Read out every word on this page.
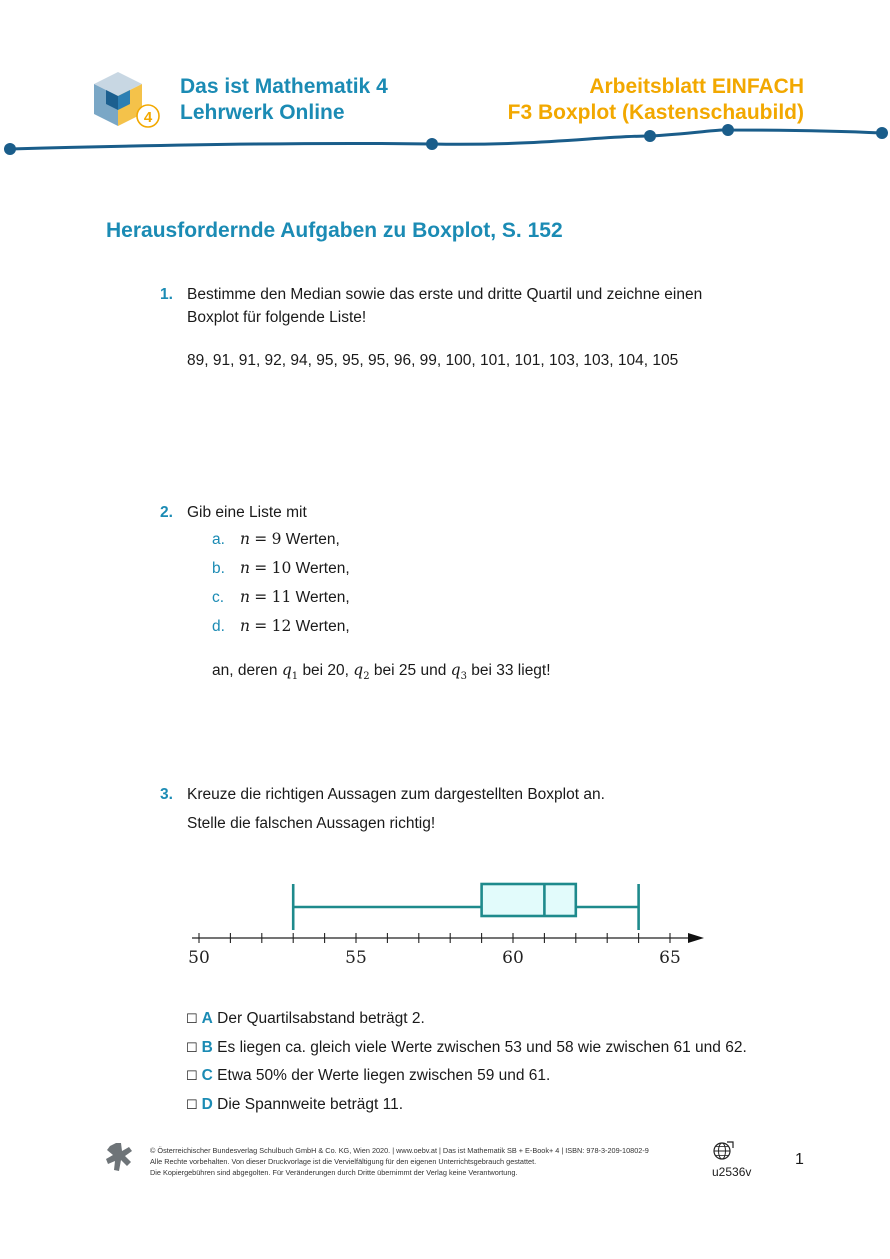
4
Das ist Mathematik 4
Lehrwerk Online
Arbeitsblatt EINFACH
F3 Boxplot (Kastenschaubild)
Herausfordernde Aufgaben zu Boxplot, S. 152
1. Bestimme den Median sowie das erste und dritte Quartil und zeichne einen
Boxplot für folgende Liste!
89, 91, 91, 92, 94, 95, 95, 95, 96, 99, 100, 101, 101, 103, 103, 104, 105
2. Gib eine Liste mit
a. n = 9 Werten,
b. n = 10 Werten,
c. n = 11 Werten,
d. n = 12 Werten,
an, deren $q_1$ bei 20, $q_2$ bei 25 und $q_3$ bei 33 liegt!
3. Kreuze die richtigen Aussagen zum dargestellten Boxplot an.
Stelle die falschen Aussagen richtig!
50	55	60	65
☐ A Der Quartilsabstand beträgt 2.
☐ B Es liegen ca. gleich viele Werte zwischen 53 und 58 wie zwischen 61 und 62.
☐ C Etwa 50% der Werte liegen zwischen 59 und 61.
☐ D Die Spannweite beträgt 11.
© Österreichischer Bundesverlag Schulbuch GmbH & Co. KG, Wien 2020. | www.oebv.at | Das ist Mathematik SB + E-Book+ 4 | ISBN: 978-3-209-10802-9
Alle Rechte vorbehalten. Von dieser Druckvorlage ist die Vervielfältigung für den eigenen Unterrichtsgebrauch gestattet.
Die Kopiergebühren sind abgegolten. Für Veränderungen durch Dritte übernimmt der Verlag keine Verantwortung.	u2536v
1
